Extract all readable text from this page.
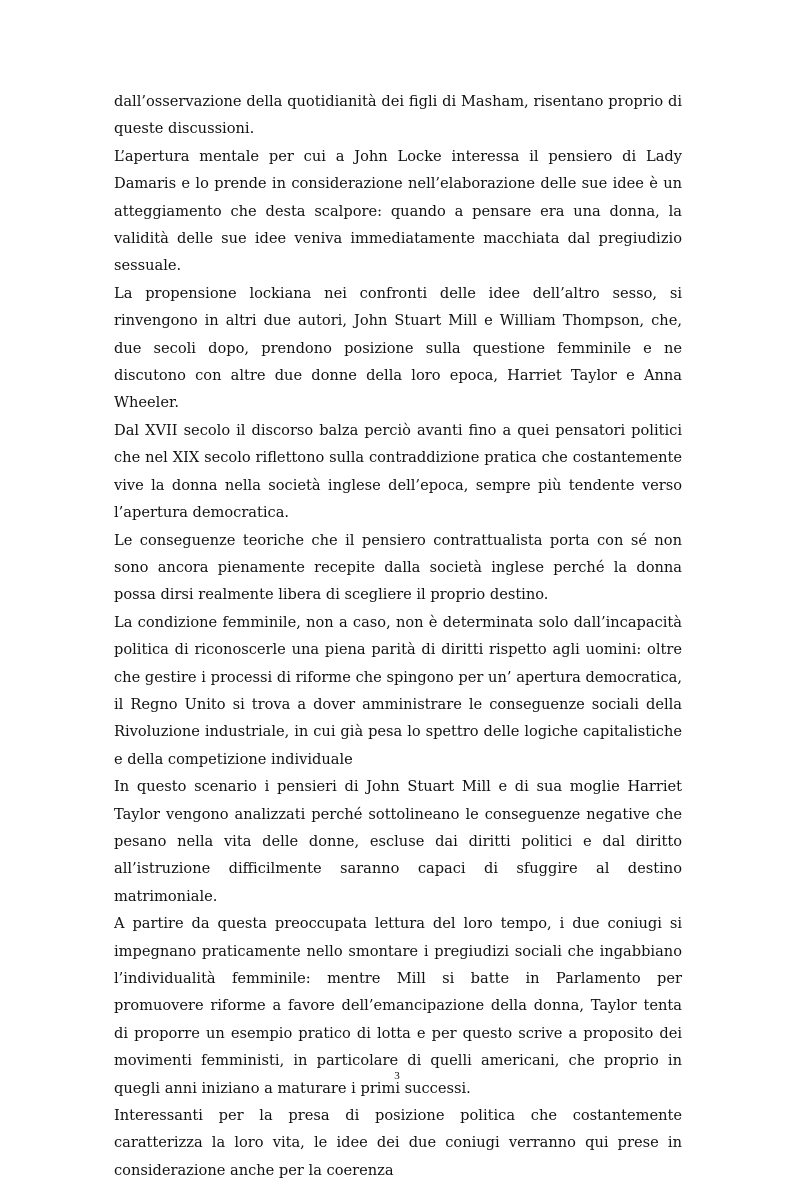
dall’osservazione della quotidianità dei figli di Masham, risentano proprio di queste discussioni.

L’apertura mentale per cui a John Locke interessa il pensiero di Lady Damaris e lo prende in considerazione nell’elaborazione delle sue idee è un atteggiamento che desta scalpore: quando a pensare era una donna, la validità delle sue idee veniva immediatamente macchiata dal pregiudizio sessuale.

La propensione lockiana nei confronti delle idee dell’altro sesso, si rinvengono in altri due autori, John Stuart Mill e William Thompson, che, due secoli dopo, prendono posizione sulla questione femminile e ne discutono con altre due donne della loro epoca, Harriet Taylor e Anna Wheeler.

Dal XVII secolo il discorso balza perciò avanti fino a quei pensatori politici che nel XIX secolo riflettono sulla contraddizione pratica che costantemente vive la donna nella società inglese dell’epoca, sempre più tendente verso l’apertura democratica.

Le conseguenze teoriche che il pensiero contrattualista porta con sé non sono ancora pienamente recepite dalla società inglese perché la donna possa dirsi realmente libera di scegliere il proprio destino.

La condizione femminile, non a caso, non è determinata solo dall’incapacità politica di riconoscerle una piena parità di diritti rispetto agli uomini: oltre che gestire i processi di riforme che spingono per un’ apertura democratica, il Regno Unito si trova a dover amministrare le conseguenze sociali della Rivoluzione industriale, in cui già pesa lo spettro delle logiche capitalistiche e della competizione individuale

In questo scenario i pensieri di John Stuart Mill e di sua moglie Harriet Taylor vengono analizzati perché sottolineano le conseguenze negative che pesano nella vita delle donne, escluse dai diritti politici e dal diritto all’istruzione difficilmente saranno capaci di sfuggire al destino matrimoniale.

A partire da questa preoccupata lettura del loro tempo, i due coniugi si impegnano praticamente nello smontare i pregiudizi sociali che ingabbiano l’individualità femminile: mentre Mill si batte in Parlamento per promuovere riforme a favore dell’emancipazione della donna, Taylor tenta di proporre un esempio pratico di lotta e per questo scrive a proposito dei movimenti femministi, in particolare di quelli americani, che proprio in quegli anni iniziano a maturare i primi successi.

Interessanti per la presa di posizione politica che costantemente caratterizza la loro vita, le idee dei due coniugi verranno qui prese in considerazione anche per la coerenza

3
